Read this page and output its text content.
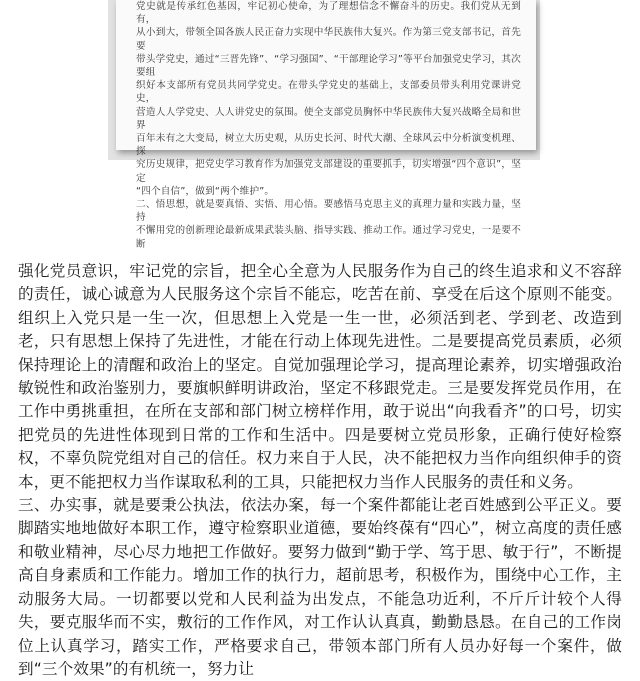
党史就是传承红色基因，牢记初心使命，为了理想信念不懈奋斗的历史。我们党从无到有，

从小到大，带领全国各族人民正奋力实现中华民族伟大复兴。作为第三党支部书记，首先要

带头学党史，通过“三晋先锋”、“学习强国”、“干部理论学习”等平台加强党史学习，其次要组

织好本支部所有党员共同学党史。在带头学党史的基础上，支部委员带头利用党课讲党史，

营造人人学党史、人人讲党史的氛围。使全支部党员胸怀中华民族伟大复兴战略全局和世界

百年未有之大变局，树立大历史观，从历史长河、时代大潮、全球风云中分析演变机理、探

究历史规律，把党史学习教育作为加强党支部建设的重要抓手，切实增强“四个意识”，坚定

“四个自信”，做到“两个维护”。

二、悟思想，就是要真悟、实悟、用心悟。要感悟马克思主义的真理力量和实践力量，坚持

不懈用党的创新理论最新成果武装头脑、指导实践、推动工作。通过学习党史，一是要不断

强化党员意识，牢记党的宗旨，把全心全意为人民服务作为自己的终生追求和义不容辞的责任，诚心诚意为人民服务这个宗旨不能忘，吃苦在前、享受在后这个原则不能变。组织上入党只是一生一次，但思想上入党是一生一世，必须活到老、学到老、改造到老，只有思想上保持了先进性，才能在行动上体现先进性。二是要提高党员素质，必须保持理论上的清醒和政治上的坚定。自觉加强理论学习，提高理论素养，切实增强政治敏锐性和政治鉴别力，要旗帜鲜明讲政治，坚定不移跟党走。三是要发挥党员作用，在工作中勇挑重担，在所在支部和部门树立榜样作用，敢于说出“向我看齐”的口号，切实把党员的先进性体现到日常的工作和生活中。四是要树立党员形象，正确行使好检察权，不辜负院党组对自己的信任。权力来自于人民，决不能把权力当作向组织伸手的资本，更不能把权力当作谋取私利的工具，只能把权力当作人民服务的责任和义务。

三、办实事，就是要秉公执法，依法办案，每一个案件都能让老百姓感到公平正义。要脚踏实地地做好本职工作，遵守检察职业道德，要始终葆有“四心”，树立高度的责任感和敬业精神，尽心尽力地把工作做好。要努力做到“勤于学、笃于思、敏于行”，不断提高自身素质和工作能力。增加工作的执行力，超前思考，积极作为，围绕中心工作，主动服务大局。一切都要以党和人民利益为出发点，不能急功近利，不斤斤计较个人得失，要克服华而不实，敷衍的工作作风，对工作认认真真，勤勤恳恳。在自己的工作岗位上认真学习，踏实工作，严格要求自己，带领本部门所有人员办好每一个案件，做到“三个效果”的有机统一，努力让
